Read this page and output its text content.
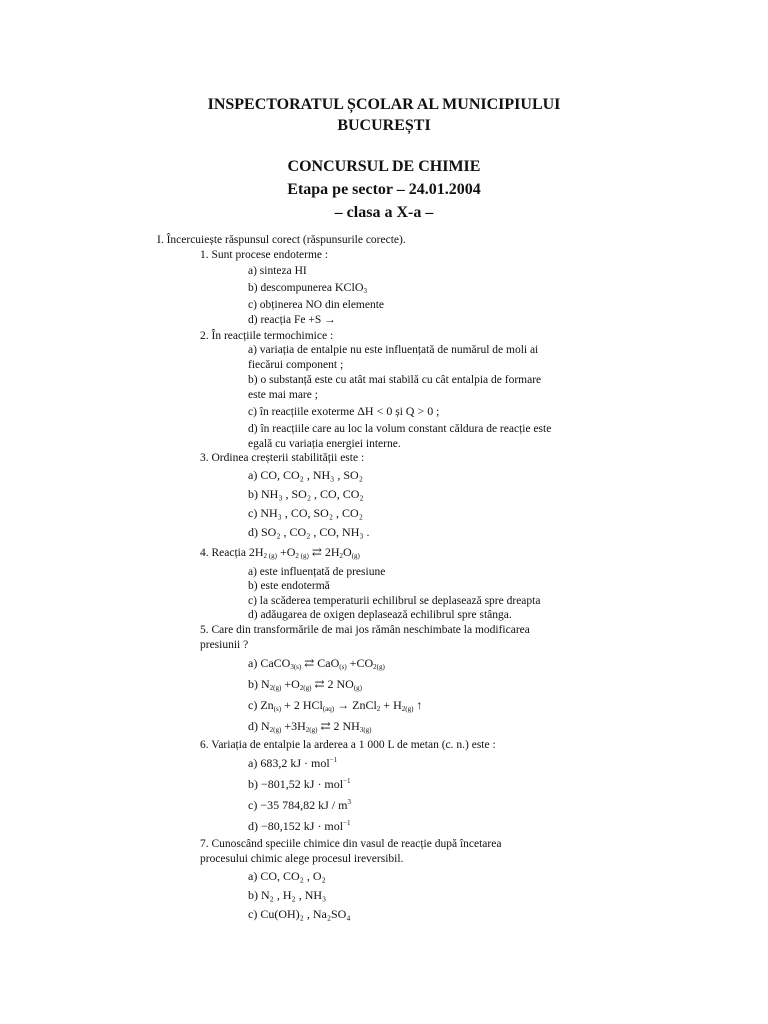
INSPECTORATUL ȘCOLAR AL MUNICIPIULUI

BUCUREȘTI

CONCURSUL DE CHIMIE

Etapa pe sector – 24.01.2004

– clasa a X-a –

I. Încercuiește răspunsul corect (răspunsurile corecte).

1. Sunt procese endoterme :

a) sinteza HI

b) descompunerea KClO$_3$

c) obținerea NO din elemente

d) reacția Fe +S →

2. În reacțiile termochimice :

a) variația de entalpie nu este influențată de numărul de moli ai

fiecărui component ;

b) o substanță este cu atât mai stabilă cu cât entalpia de formare

este mai mare ;

c) în reacțiile exoterme ΔH < 0 și Q > 0 ;

d) în reacțiile care au loc la volum constant căldura de reacție este

egală cu variația energiei interne.

3. Ordinea creșterii stabilității este :

a) CO, CO₂ , NH₃ , SO₂

b) NH₃ , SO₂ , CO, CO₂

c) NH₃ , CO, SO₂ , CO₂

d) SO₂ , CO₂ , CO, NH₃ .

4. Reacția $2H_{2 (g)} +O_{2 (g)}$ ⇄ $2H_2O_{(g)}$

a) este influențată de presiune

b) este endotermă

c) la scăderea temperaturii echilibrul se deplasează spre dreapta

d) adăugarea de oxigen deplasează echilibrul spre stânga.

5. Care din transformările de mai jos rămân neschimbate la modificarea

presiunii ?

a) CaCO$_{3(s)}$ ⇄ $CaO_{(s)} +CO_{2(g)}$

b) $N_{2(g)} +O_{2(g)}$ ⇄ 2 $NO_{(g)}$

c) $Zn_{(s)} + 2$ HCl$_{(aq)}$ → ZnCl$_2$ + $H_{2(g)}$ ↑

d) $N_{2(g)} +3H_{2(g)}$ ⇄ 2 $NH_{3(g)}$

6. Variația de entalpie la arderea a 1 000 L de metan (c. n.) este :

a) 683,2 kJ · mol$^{-1}$

b) −801,52 kJ · mol$^{-1}$

c) −35 784,82 kJ / $m^3$

d) −80,152 kJ · mol$^{-1}$

7. Cunoscând speciile chimice din vasul de reacție după încetarea

procesului chimic alege procesul ireversibil.

a) CO, CO₂ , O₂

b) N₂ , H₂ , NH₃

c) Cu(OH)₂ , Na₂SO₄
